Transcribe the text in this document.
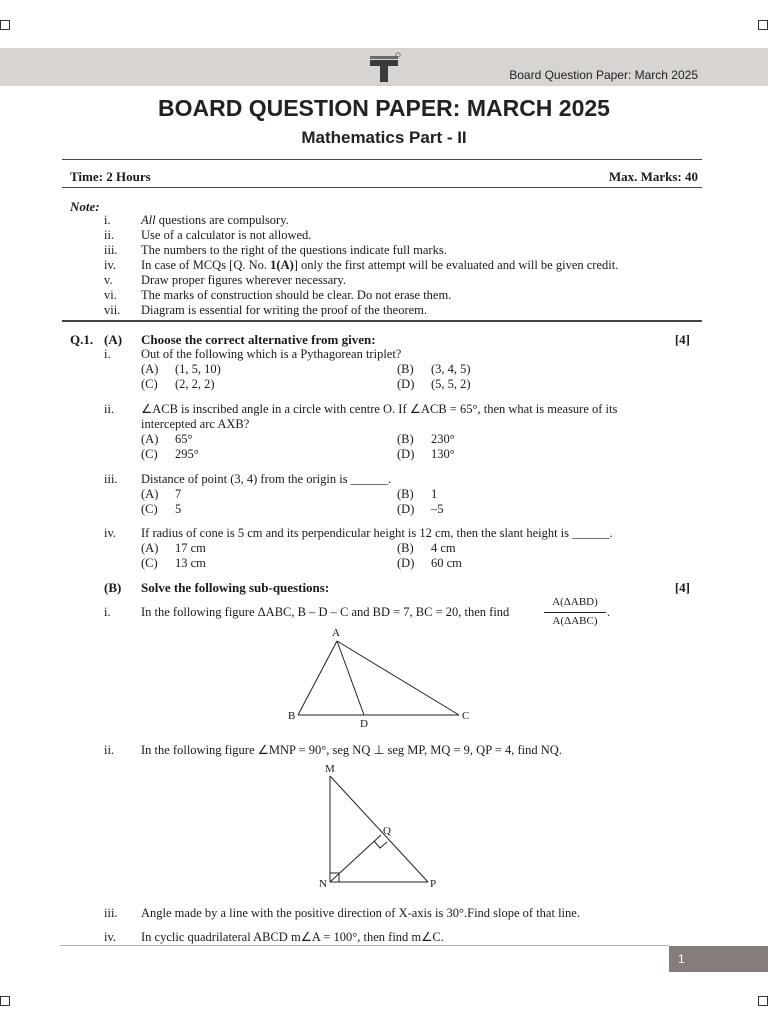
Board Question Paper: March 2025
BOARD QUESTION PAPER: MARCH 2025
Mathematics Part - II
Time: 2 Hours	Max. Marks: 40
Note:
i. All questions are compulsory.
ii. Use of a calculator is not allowed.
iii. The numbers to the right of the questions indicate full marks.
iv. In case of MCQs [Q. No. 1(A)] only the first attempt will be evaluated and will be given credit.
v. Draw proper figures wherever necessary.
vi. The marks of construction should be clear. Do not erase them.
vii. Diagram is essential for writing the proof of the theorem.
Q.1. (A) Choose the correct alternative from given:	[4]
i. Out of the following which is a Pythagorean triplet?
(A) (1, 5, 10)	(B) (3, 4, 5)
(C) (2, 2, 2)	(D) (5, 5, 2)
ii. ∠ACB is inscribed angle in a circle with centre O. If ∠ACB = 65°, then what is measure of its
intercepted arc AXB?
(A) 65°	(B) 230°
(C) 295°	(D) 130°
iii. Distance of point (3, 4) from the origin is ______.
(A) 7	(B) 1
(C) 5	(D) –5
iv. If radius of cone is 5 cm and its perpendicular height is 12 cm, then the slant height is ______.
(A) 17 cm	(B) 4 cm
(C) 13 cm	(D) 60 cm
(B) Solve the following sub-questions:	[4]
i. In the following figure ΔABC, B – D – C and BD = 7, BC = 20, then find
A(ΔABD)
A(ΔABC)
.
A
B	C
D
ii. In the following figure ∠MNP = 90°, seg NQ ⊥ seg MP, MQ = 9, QP = 4, find NQ.
M
N	P
Q
iii. Angle made by a line with the positive direction of X-axis is 30°.Find slope of that line.
iv. In cyclic quadrilateral ABCD m∠A = 100°, then find m∠C.
1
